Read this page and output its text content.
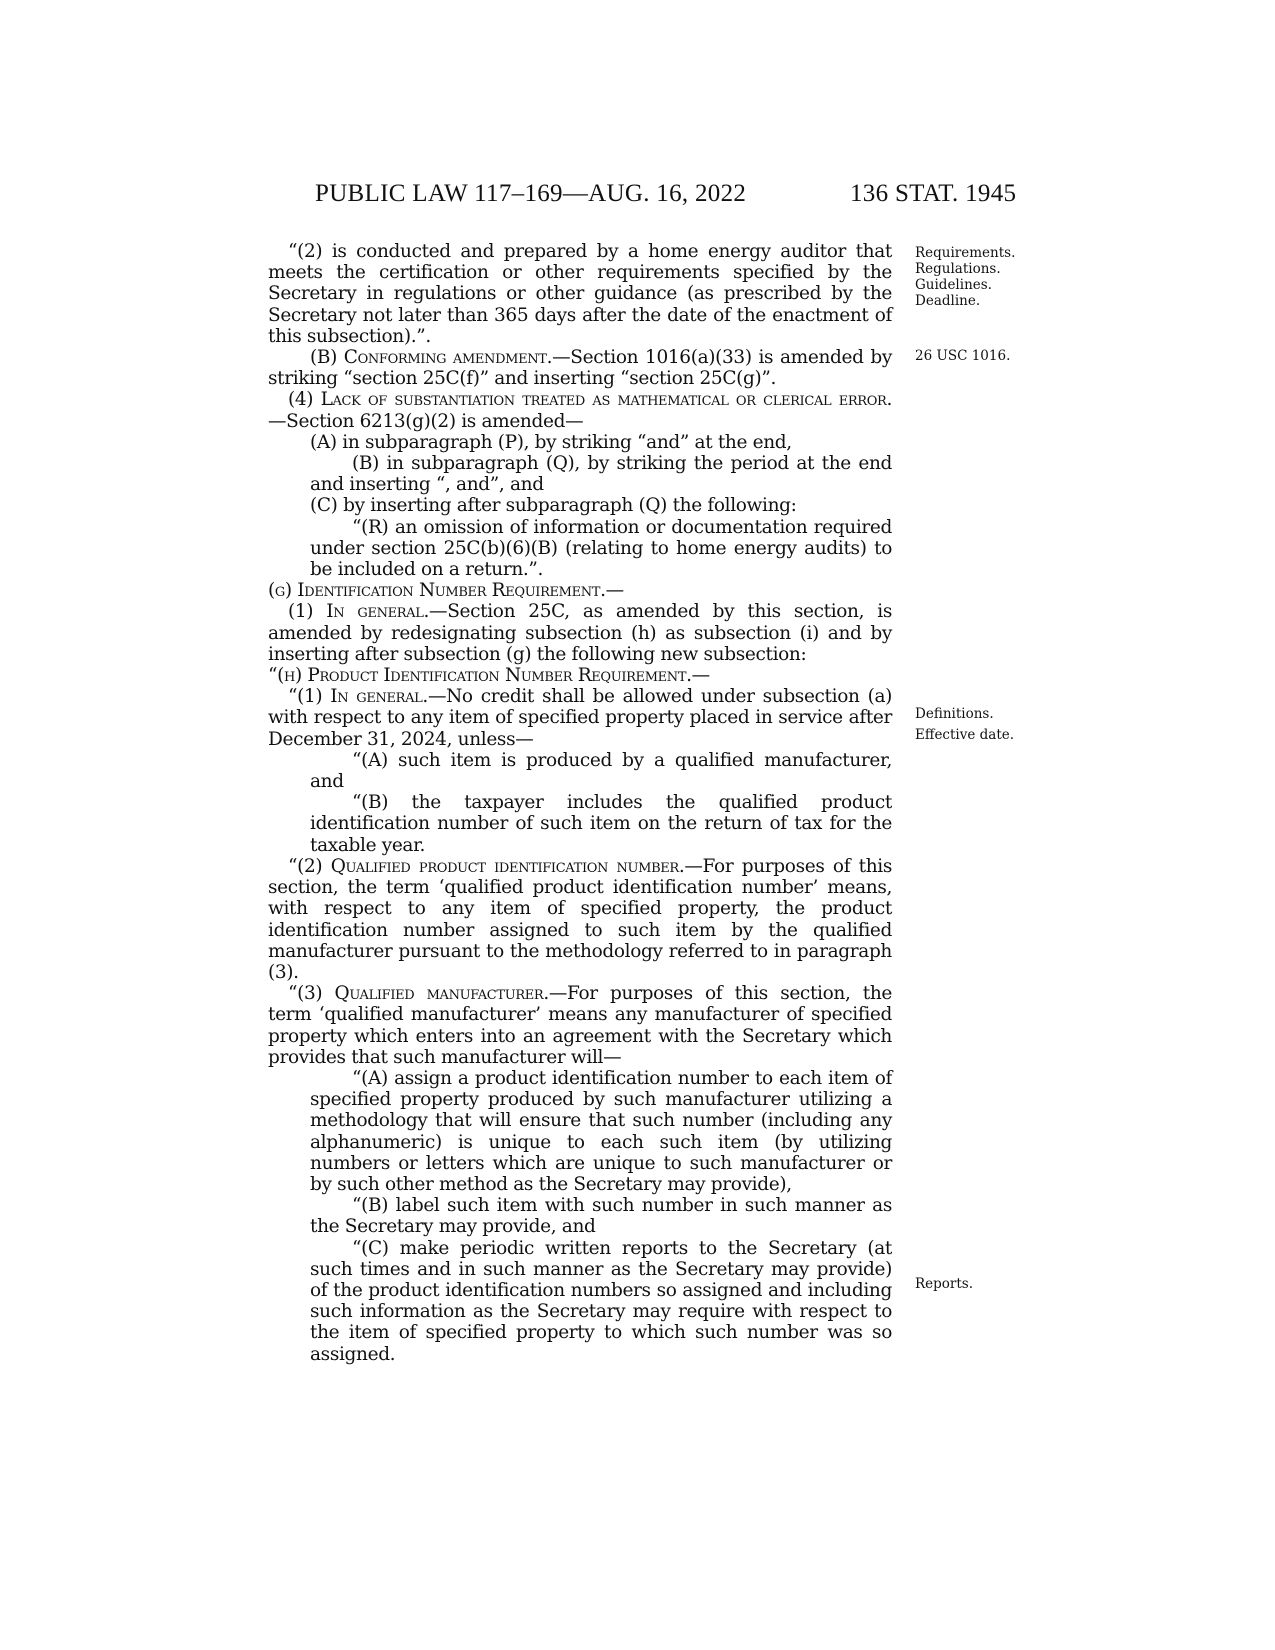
PUBLIC LAW 117–169—AUG. 16, 2022	136 STAT. 1945

“(2) is conducted and prepared by a home energy auditor that meets the certification or other requirements specified by the Secretary in regulations or other guidance (as prescribed by the Secretary not later than 365 days after the date of the enactment of this subsection).”.

(B) Conforming amendment.—Section 1016(a)(33) is amended by striking “section 25C(f)” and inserting “section 25C(g)”.

(4) Lack of substantiation treated as mathematical or clerical error.—Section 6213(g)(2) is amended—

(A) in subparagraph (P), by striking “and” at the end,

(B) in subparagraph (Q), by striking the period at the end and inserting “, and”, and

(C) by inserting after subparagraph (Q) the following:

“(R) an omission of information or documentation required under section 25C(b)(6)(B) (relating to home energy audits) to be included on a return.”.

(g) Identification Number Requirement.—

(1) In general.—Section 25C, as amended by this section, is amended by redesignating subsection (h) as subsection (i) and by inserting after subsection (g) the following new subsection:

“(h) Product Identification Number Requirement.—

“(1) In general.—No credit shall be allowed under subsection (a) with respect to any item of specified property placed in service after December 31, 2024, unless—

“(A) such item is produced by a qualified manufacturer, and

“(B) the taxpayer includes the qualified product identification number of such item on the return of tax for the taxable year.

“(2) Qualified product identification number.—For purposes of this section, the term ‘qualified product identification number’ means, with respect to any item of specified property, the product identification number assigned to such item by the qualified manufacturer pursuant to the methodology referred to in paragraph (3).

“(3) Qualified manufacturer.—For purposes of this section, the term ‘qualified manufacturer’ means any manufacturer of specified property which enters into an agreement with the Secretary which provides that such manufacturer will—

“(A) assign a product identification number to each item of specified property produced by such manufacturer utilizing a methodology that will ensure that such number (including any alphanumeric) is unique to each such item (by utilizing numbers or letters which are unique to such manufacturer or by such other method as the Secretary may provide),

“(B) label such item with such number in such manner as the Secretary may provide, and

“(C) make periodic written reports to the Secretary (at such times and in such manner as the Secretary may provide) of the product identification numbers so assigned and including such information as the Secretary may require with respect to the item of specified property to which such number was so assigned.

Requirements.
Regulations.
Guidelines.
Deadline.
26 USC 1016.
Definitions.
Effective date.
Reports.
